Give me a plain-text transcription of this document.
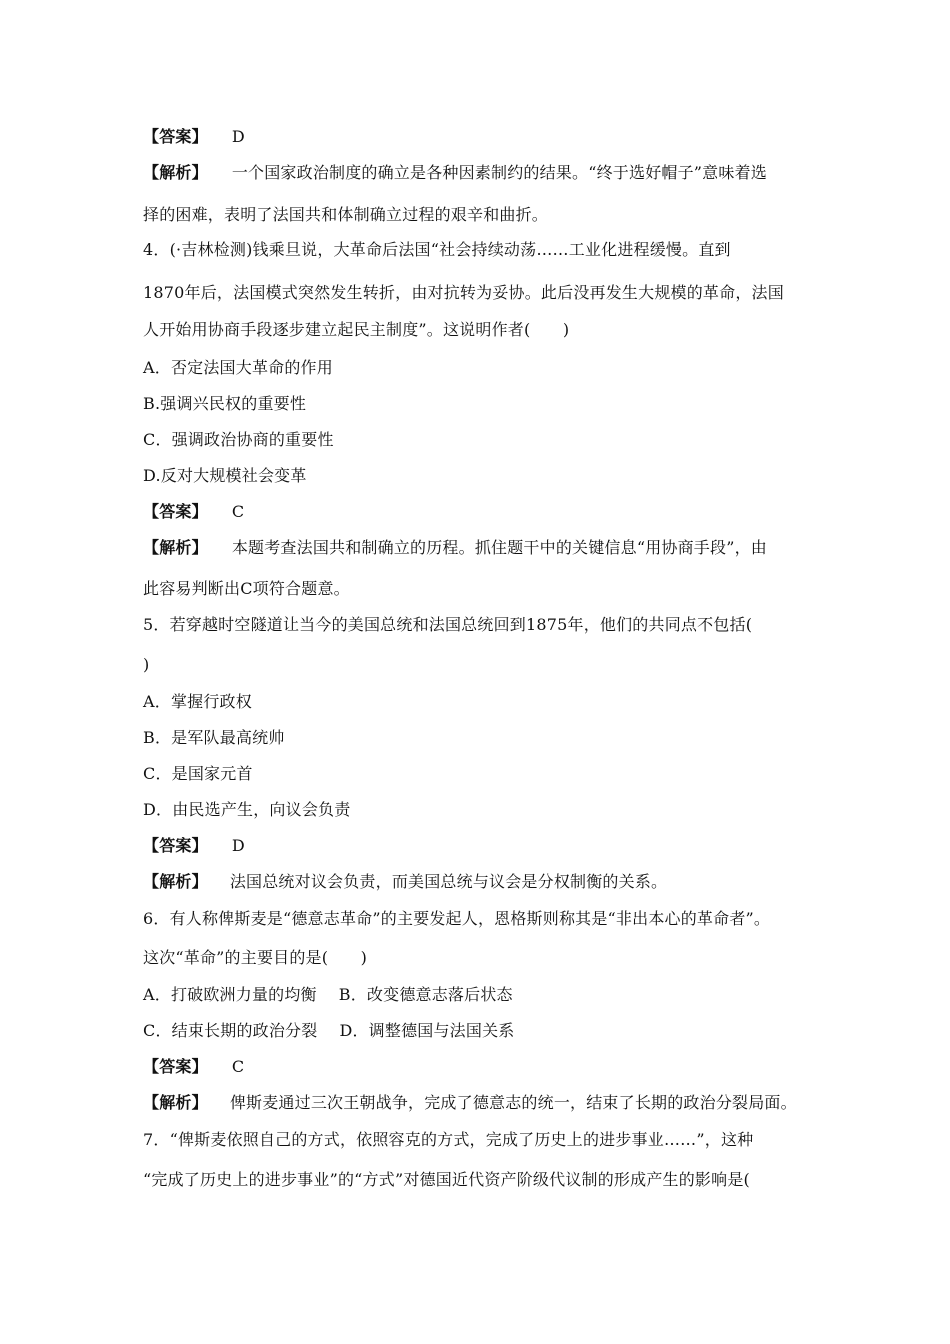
【答案】 D
【解析】 一个国家政治制度的确立是各种因素制约的结果。“终于选好帽子”意味着选
择的困难，表明了法国共和体制确立过程的艰辛和曲折。
4．(·吉林检测)钱乘旦说，大革命后法国“社会持续动荡……工业化进程缓慢。直到
1870年后，法国模式突然发生转折，由对抗转为妥协。此后没再发生大规模的革命，法国
人开始用协商手段逐步建立起民主制度”。这说明作者(　　)
A．否定法国大革命的作用
B.强调兴民权的重要性
C．强调政治协商的重要性
D.反对大规模社会变革
【答案】 C
【解析】 本题考查法国共和制确立的历程。抓住题干中的关键信息“用协商手段”，由
此容易判断出C项符合题意。
5．若穿越时空隧道让当今的美国总统和法国总统回到1875年，他们的共同点不包括(
)
A．掌握行政权
B．是军队最高统帅
C．是国家元首
D．由民选产生，向议会负责
【答案】 D
【解析】 法国总统对议会负责，而美国总统与议会是分权制衡的关系。
6．有人称俾斯麦是“德意志革命”的主要发起人，恩格斯则称其是“非出本心的革命者”。
这次“革命”的主要目的是(　　)
A．打破欧洲力量的均衡 B．改变德意志落后状态
C．结束长期的政治分裂 D．调整德国与法国关系
【答案】 C
【解析】 俾斯麦通过三次王朝战争，完成了德意志的统一，结束了长期的政治分裂局面。
7．“俾斯麦依照自己的方式，依照容克的方式，完成了历史上的进步事业……”，这种
“完成了历史上的进步事业”的“方式”对德国近代资产阶级代议制的形成产生的影响是(
